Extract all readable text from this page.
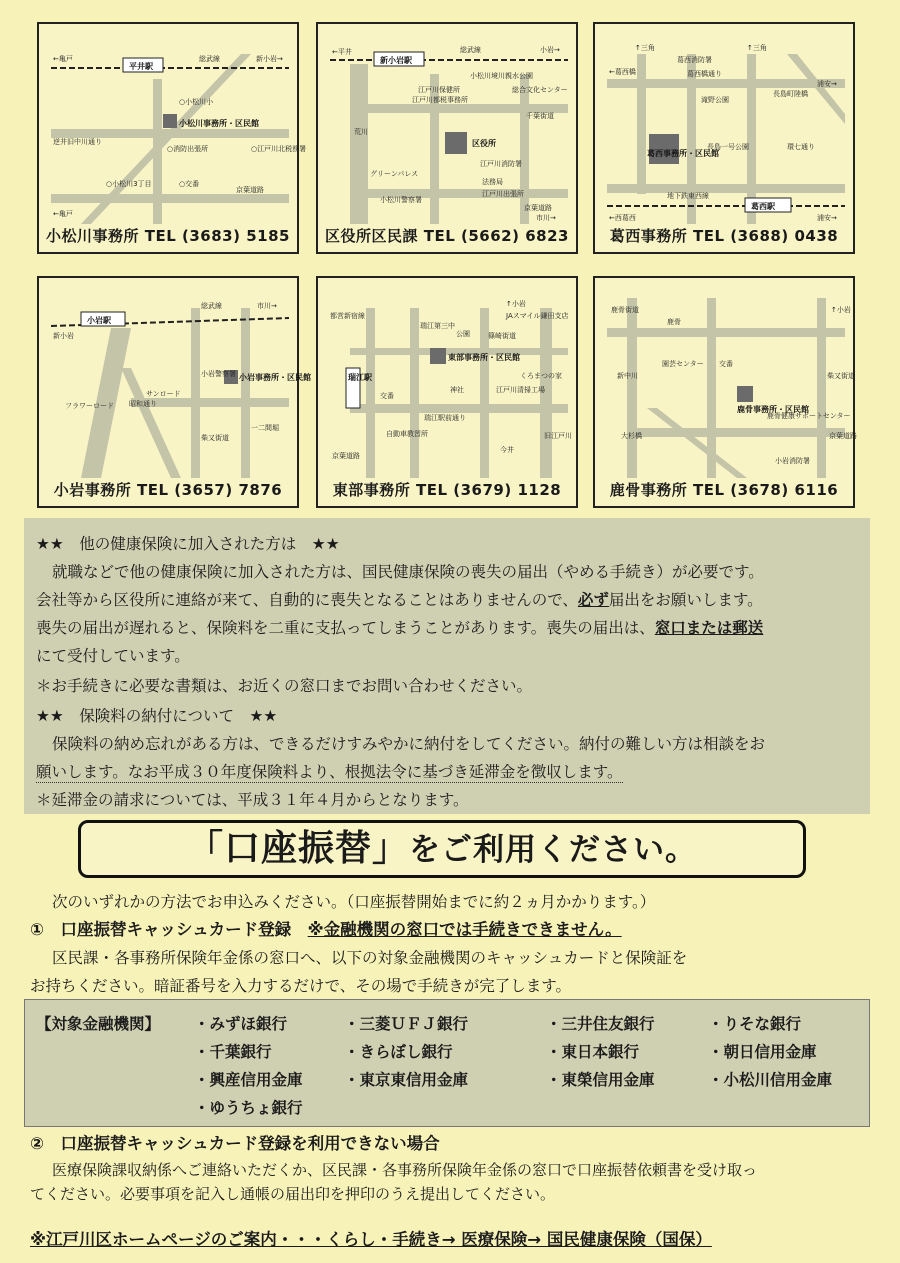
平井駅
小松川事務所・区民館
←亀戸	総武線	新小岩→
○小松川小
逆井旧中川通り
○消防出張所	○江戸川北税務署
○小松川3丁目	○交番
京葉道路
←亀戸
小松川事務所 TEL (3683) 5185
新小岩駅
区役所
←平井	総武線	小岩→
小松川境川親水公園
江戸川保健所
江戸川都税事務所
総合文化センター
千葉街道
グリーンパレス
小松川警察署
江戸川消防署
法務局
江戸川出張所
京葉道路
市川→
荒川
区役所区民課 TEL (5662) 6823
葛西駅
葛西事務所・区民館
↑三角
葛西消防署
↑三角
←葛西橋	葛西橋通り
長島町陸橋
浦安→
滝野公園
長島一号公園	環七通り
地下鉄東西線
←西葛西	浦安→
葛西事務所 TEL (3688) 0438
小岩駅
小岩事務所・区民館
総武線	市川→
新小岩
小岩警察署
昭和通り
フラワーロード
サンロード
柴又街道
一二間堀
小岩事務所 TEL (3657) 7876
瑞江駅
東部事務所・区民館
都営新宿線
↑小岩
瑞江第三中
JAスマイル鎌田支店
公園	篠崎街道
くろまつの家
交番
江戸川清掃工場
神社
瑞江駅前通り
自動車教習所
京葉道路
今井
旧江戸川
東部事務所 TEL (3679) 1128
鹿骨事務所・区民館
鹿骨街道
鹿骨
↑小岩
新中川
園芸センター 交番
柴又街道
大杉橋
鹿骨健康サポートセンター
京葉道路
小岩消防署
鹿骨事務所 TEL (3678) 6116
★★　他の健康保険に加入された方は　★★
就職などで他の健康保険に加入された方は、国民健康保険の喪失の届出（やめる手続き）が必要です。
会社等から区役所に連絡が来て、自動的に喪失となることはありませんので、必ず届出をお願いします。
喪失の届出が遅れると、保険料を二重に支払ってしまうことがあります。喪失の届出は、窓口または郵送
にて受付しています。
＊お手続きに必要な書類は、お近くの窓口までお問い合わせください。
★★　保険料の納付について　★★
保険料の納め忘れがある方は、できるだけすみやかに納付をしてください。納付の難しい方は相談をお
願いします。なお平成３０年度保険料より、根拠法令に基づき延滞金を徴収します。
＊延滞金の請求については、平成３１年４月からとなります。
「口座振替」をご利用ください。
次のいずれかの方法でお申込みください。（口座振替開始までに約２ヵ月かかります。）
①　口座振替キャッシュカード登録　 ※金融機関の窓口では手続きできません。
区民課・各事務所保険年金係の窓口へ、以下の対象金融機関のキャッシュカードと保険証を
お持ちください。暗証番号を入力するだけで、その場で手続きが完了します。
【対象金融機関】 ・みずほ銀行	・三菱ＵＦＪ銀行	・三井住友銀行	・りそな銀行
・千葉銀行	・きらぼし銀行	・東日本銀行	・朝日信用金庫
・興産信用金庫	・東京東信用金庫	・東榮信用金庫	・小松川信用金庫
・ゆうちょ銀行
②　口座振替キャッシュカード登録を利用できない場合
医療保険課収納係へご連絡いただくか、区民課・各事務所保険年金係の窓口で口座振替依頼書を受け取っ
てください。必要事項を記入し通帳の届出印を押印のうえ提出してください。
※江戸川区ホームページのご案内・・・くらし・手続き→ 医療保険→ 国民健康保険（国保）
